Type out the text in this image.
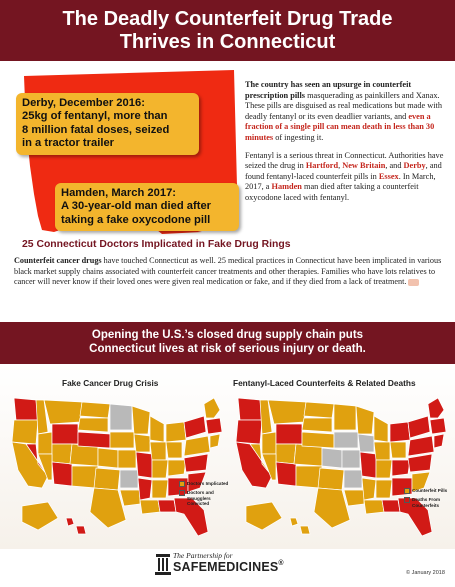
The Deadly Counterfeit Drug Trade
Thrives in Connecticut
Derby, December 2016:
25kg of fentanyl, more than
8 million fatal doses, seized
in a tractor trailer
Hamden, March 2017:
A 30-year-old man died after
taking a fake oxycodone pill

The country has seen an upsurge in counterfeit prescription pills masquerading as painkillers and Xanax. These pills are disguised as real medications but made with deadly fentanyl or its even deadlier variants, and even a fraction of a single pill can mean death in less than 30 minutes of ingesting it.

Fentanyl is a serious threat in Connecticut. Authorities have seized the drug in Hartford, New Britain, and Derby, and found fentanyl-laced counterfeit pills in Essex. In March, 2017, a Hamden man died after taking a counterfeit oxycodone laced with fentanyl.

25 Connecticut Doctors Implicated in Fake Drug Rings
Counterfeit cancer drugs have touched Connecticut as well. 25 medical practices in Connecticut have been implicated in various black market supply chains associated with counterfeit cancer treatments and other therapies. Families who have lots relatives to cancer will never know if their loved ones were given real medication or fake, and if they died from a lack of treatment.
Opening the U.S.’s closed drug supply chain puts
Connecticut lives at risk of serious injury or death.
Fake Cancer Drug Crisis	Fentanyl-Laced Counterfeits & Related Deaths
Doctors Implicated
Doctors and Smugglers Convicted
Counterfeit Pills
Deaths From Counterfeits
The Partnership for
SAFEMEDICINES®
© January 2018
